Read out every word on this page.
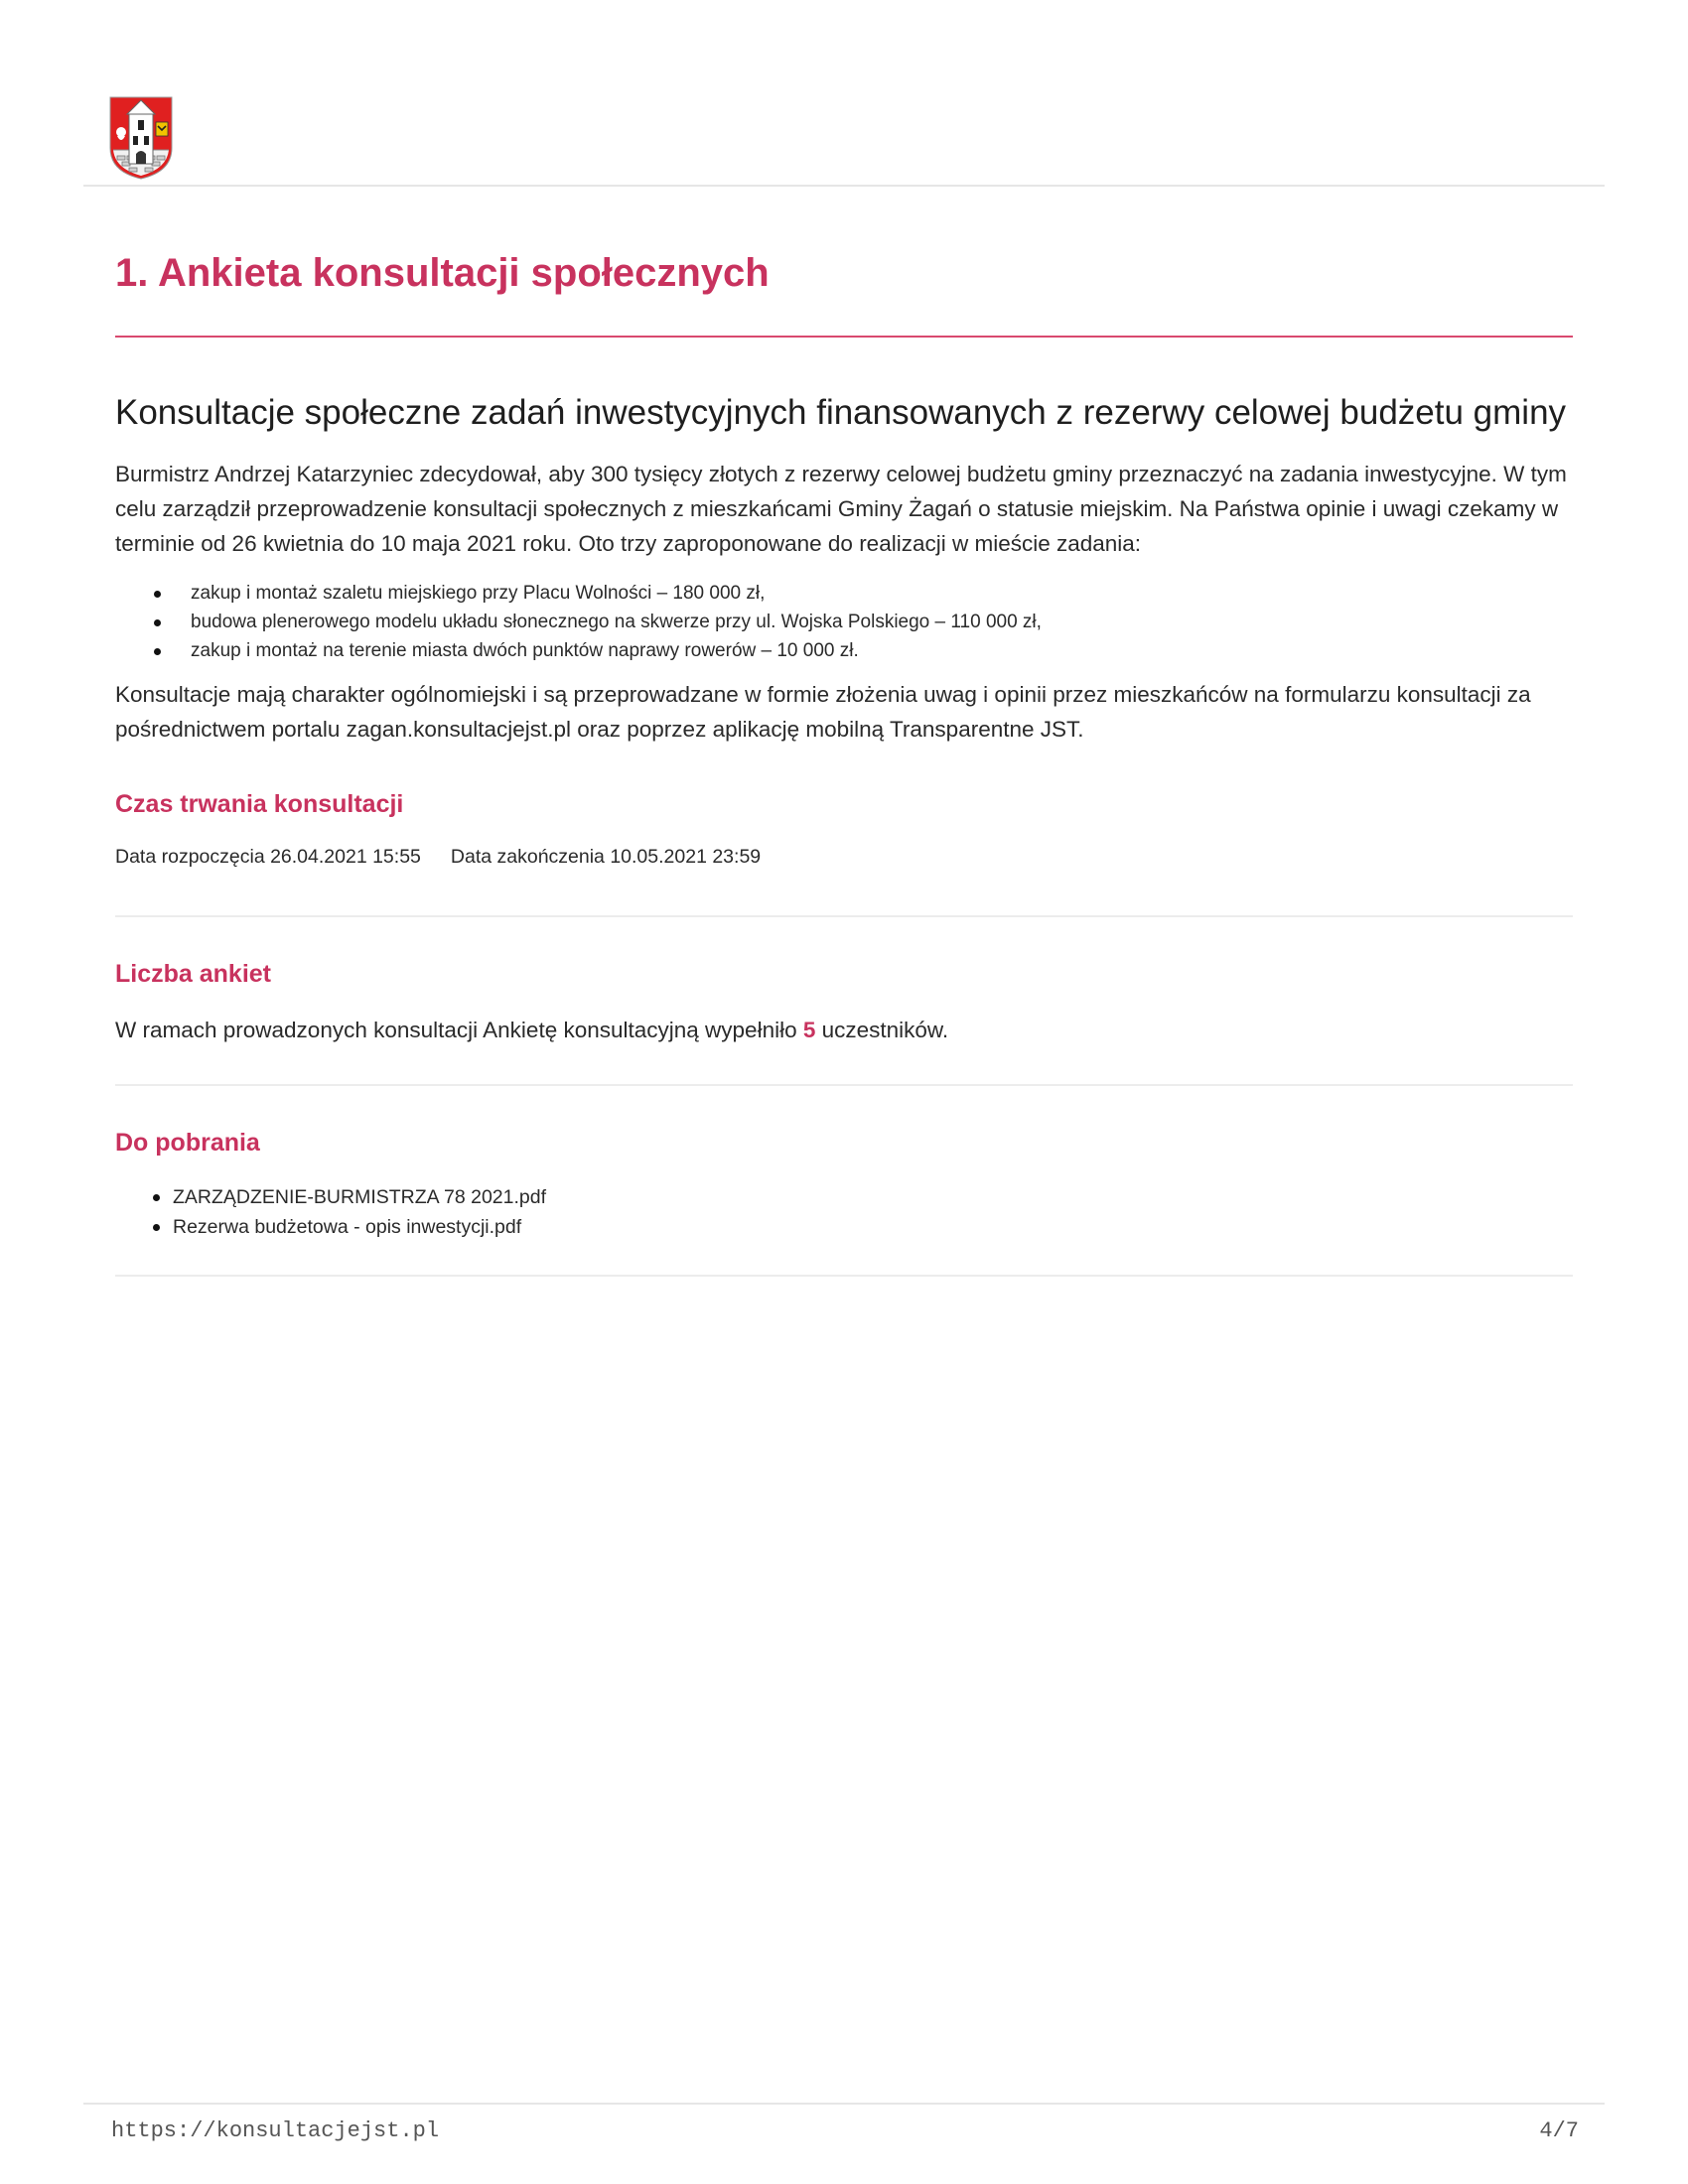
1. Ankieta konsultacji społecznych
Konsultacje społeczne zadań inwestycyjnych finansowanych z rezerwy celowej budżetu gminy

Burmistrz Andrzej Katarzyniec zdecydował, aby 300 tysięcy złotych z rezerwy celowej budżetu gminy przeznaczyć na zadania inwestycyjne. W tym celu zarządził przeprowadzenie konsultacji społecznych z mieszkańcami Gminy Żagań o statusie miejskim. Na Państwa opinie i uwagi czekamy w terminie od 26 kwietnia do 10 maja 2021 roku. Oto trzy zaproponowane do realizacji w mieście zadania:

zakup i montaż szaletu miejskiego przy Placu Wolności – 180 000 zł,
budowa plenerowego modelu układu słonecznego na skwerze przy ul. Wojska Polskiego – 110 000 zł,
zakup i montaż na terenie miasta dwóch punktów naprawy rowerów – 10 000 zł.

Konsultacje mają charakter ogólnomiejski i są przeprowadzane w formie złożenia uwag i opinii przez mieszkańców na formularzu konsultacji za pośrednictwem portalu zagan.konsultacjejst.pl oraz poprzez aplikację mobilną Transparentne JST.

Czas trwania konsultacji
Data rozpoczęcia 26.04.2021 15:55 Data zakończenia 10.05.2021 23:59
Liczba ankiet
W ramach prowadzonych konsultacji Ankietę konsultacyjną wypełniło 5 uczestników.
Do pobrania
ZARZĄDZENIE-BURMISTRZA 78 2021.pdf
Rezerwa budżetowa - opis inwestycji.pdf
https://konsultacjejst.pl	4/7
